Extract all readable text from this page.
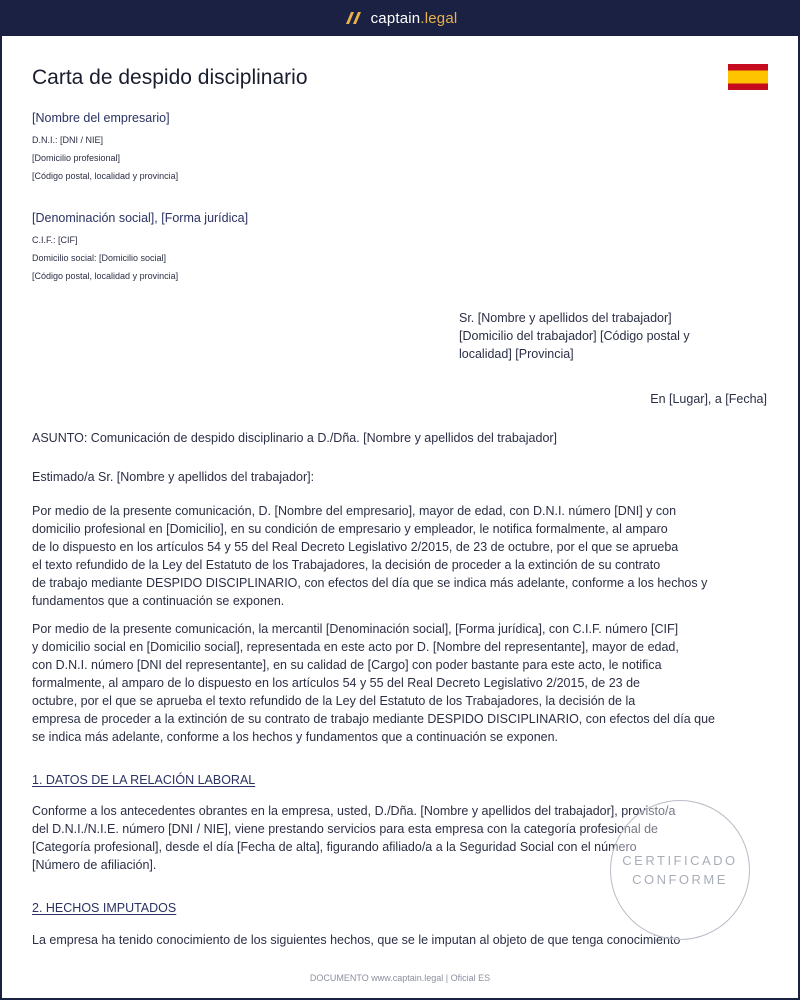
captain.legal
Carta de despido disciplinario
[Nombre del empresario]
D.N.I.: [DNI / NIE]
[Domicilio profesional]
[Código postal, localidad y provincia]
[Denominación social], [Forma jurídica]
C.I.F.: [CIF]
Domicilio social: [Domicilio social]
[Código postal, localidad y provincia]
Sr. [Nombre y apellidos del trabajador]
[Domicilio del trabajador] [Código postal y
localidad] [Provincia]
En [Lugar], a [Fecha]
ASUNTO: Comunicación de despido disciplinario a D./Dña. [Nombre y apellidos del trabajador]
Estimado/a Sr. [Nombre y apellidos del trabajador]:

Por medio de la presente comunicación, D. [Nombre del empresario], mayor de edad, con D.N.I. número [DNI] y con
domicilio profesional en [Domicilio], en su condición de empresario y empleador, le notifica formalmente, al amparo
de lo dispuesto en los artículos 54 y 55 del Real Decreto Legislativo 2/2015, de 23 de octubre, por el que se aprueba
el texto refundido de la Ley del Estatuto de los Trabajadores, la decisión de proceder a la extinción de su contrato
de trabajo mediante DESPIDO DISCIPLINARIO, con efectos del día que se indica más adelante, conforme a los hechos y
fundamentos que a continuación se exponen.

Por medio de la presente comunicación, la mercantil [Denominación social], [Forma jurídica], con C.I.F. número [CIF]
y domicilio social en [Domicilio social], representada en este acto por D. [Nombre del representante], mayor de edad,
con D.N.I. número [DNI del representante], en su calidad de [Cargo] con poder bastante para este acto, le notifica
formalmente, al amparo de lo dispuesto en los artículos 54 y 55 del Real Decreto Legislativo 2/2015, de 23 de
octubre, por el que se aprueba el texto refundido de la Ley del Estatuto de los Trabajadores, la decisión de la
empresa de proceder a la extinción de su contrato de trabajo mediante DESPIDO DISCIPLINARIO, con efectos del día que
se indica más adelante, conforme a los hechos y fundamentos que a continuación se exponen.

1. DATOS DE LA RELACIÓN LABORAL

Conforme a los antecedentes obrantes en la empresa, usted, D./Dña. [Nombre y apellidos del trabajador], provisto/a
del D.N.I./N.I.E. número [DNI / NIE], viene prestando servicios para esta empresa con la categoría profesional de
[Categoría profesional], desde el día [Fecha de alta], figurando afiliado/a a la Seguridad Social con el número
[Número de afiliación].

2. HECHOS IMPUTADOS

La empresa ha tenido conocimiento de los siguientes hechos, que se le imputan al objeto de que tenga conocimiento

CERTIFICADO
CONFORME
DOCUMENTO www.captain.legal | Oficial ES
